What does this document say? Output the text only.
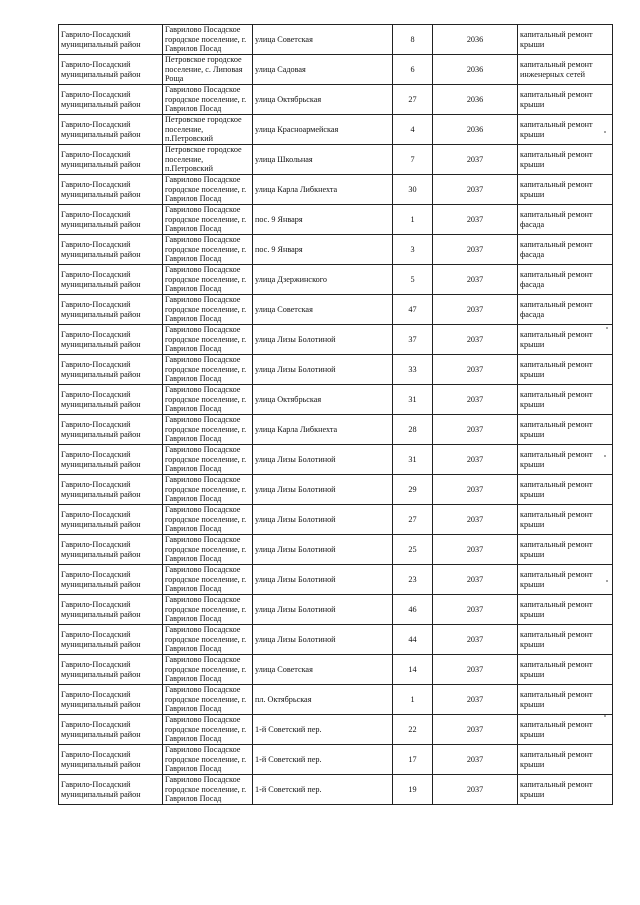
Гаврило-Посадский муниципальный район	Гаврилово Посадское городское поселение, г. Гаврилов Посад	улица Советская	8	2036	капитальный ремонт крыши
Гаврило-Посадский муниципальный район	Петровское городское поселение, с. Липовая Роща	улица Садовая	6	2036	капитальный ремонт инженерных сетей
Гаврило-Посадский муниципальный район	Гаврилово Посадское городское поселение, г. Гаврилов Посад	улица Октябрьская	27	2036	капитальный ремонт крыши
Гаврило-Посадский муниципальный район	Петровское городское поселение, п.Петровский	улица Красноармейская	4	2036	капитальный ремонт крыши
Гаврило-Посадский муниципальный район	Петровское городское поселение, п.Петровский	улица Школьная	7	2037	капитальный ремонт крыши
Гаврило-Посадский муниципальный район	Гаврилово Посадское городское поселение, г. Гаврилов Посад	улица Карла Либкнехта	30	2037	капитальный ремонт крыши
Гаврило-Посадский муниципальный район	Гаврилово Посадское городское поселение, г. Гаврилов Посад	пос. 9 Января	1	2037	капитальный ремонт фасада
Гаврило-Посадский муниципальный район	Гаврилово Посадское городское поселение, г. Гаврилов Посад	пос. 9 Января	3	2037	капитальный ремонт фасада
Гаврило-Посадский муниципальный район	Гаврилово Посадское городское поселение, г. Гаврилов Посад	улица Дзержинского	5	2037	капитальный ремонт фасада
Гаврило-Посадский муниципальный район	Гаврилово Посадское городское поселение, г. Гаврилов Посад	улица Советская	47	2037	капитальный ремонт фасада
Гаврило-Посадский муниципальный район	Гаврилово Посадское городское поселение, г. Гаврилов Посад	улица Лизы Болотиной	37	2037	капитальный ремонт крыши
Гаврило-Посадский муниципальный район	Гаврилово Посадское городское поселение, г. Гаврилов Посад	улица Лизы Болотиной	33	2037	капитальный ремонт крыши
Гаврило-Посадский муниципальный район	Гаврилово Посадское городское поселение, г. Гаврилов Посад	улица Октябрьская	31	2037	капитальный ремонт крыши
Гаврило-Посадский муниципальный район	Гаврилово Посадское городское поселение, г. Гаврилов Посад	улица Карла Либкнехта	28	2037	капитальный ремонт крыши
Гаврило-Посадский муниципальный район	Гаврилово Посадское городское поселение, г. Гаврилов Посад	улица Лизы Болотиной	31	2037	капитальный ремонт крыши
Гаврило-Посадский муниципальный район	Гаврилово Посадское городское поселение, г. Гаврилов Посад	улица Лизы Болотиной	29	2037	капитальный ремонт крыши
Гаврило-Посадский муниципальный район	Гаврилово Посадское городское поселение, г. Гаврилов Посад	улица Лизы Болотиной	27	2037	капитальный ремонт крыши
Гаврило-Посадский муниципальный район	Гаврилово Посадское городское поселение, г. Гаврилов Посад	улица Лизы Болотиной	25	2037	капитальный ремонт крыши
Гаврило-Посадский муниципальный район	Гаврилово Посадское городское поселение, г. Гаврилов Посад	улица Лизы Болотиной	23	2037	капитальный ремонт крыши
Гаврило-Посадский муниципальный район	Гаврилово Посадское городское поселение, г. Гаврилов Посад	улица Лизы Болотиной	46	2037	капитальный ремонт крыши
Гаврило-Посадский муниципальный район	Гаврилово Посадское городское поселение, г. Гаврилов Посад	улица Лизы Болотиной	44	2037	капитальный ремонт крыши
Гаврило-Посадский муниципальный район	Гаврилово Посадское городское поселение, г. Гаврилов Посад	улица Советская	14	2037	капитальный ремонт крыши
Гаврило-Посадский муниципальный район	Гаврилово Посадское городское поселение, г. Гаврилов Посад	пл. Октябрьская	1	2037	капитальный ремонт крыши
Гаврило-Посадский муниципальный район	Гаврилово Посадское городское поселение, г. Гаврилов Посад	1-й Советский пер.	22	2037	капитальный ремонт крыши
Гаврило-Посадский муниципальный район	Гаврилово Посадское городское поселение, г. Гаврилов Посад	1-й Советский пер.	17	2037	капитальный ремонт крыши
Гаврило-Посадский муниципальный район	Гаврилово Посадское городское поселение, г. Гаврилов Посад	1-й Советский пер.	19	2037	капитальный ремонт крыши
